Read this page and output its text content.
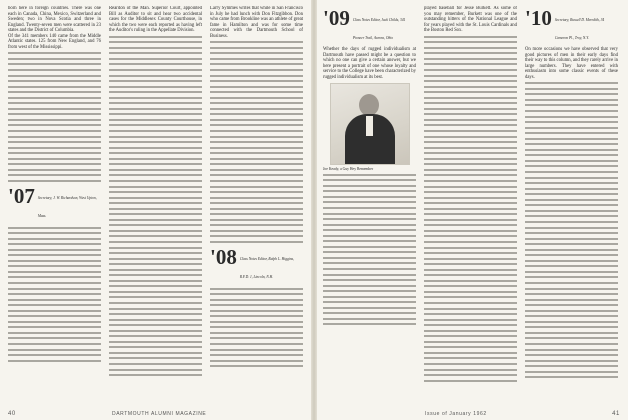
born here in foreign countries. There was one each in Canada, China, Mexico, Switzerland and Sweden; two in Nova Scotia and three in England. Twenty-seven men were scattered in 23 states and the District of Columbia.

Of the 341 members 140 came from the Middle Atlantic states. 125 from New England, and 76 from west of the Mississippi.

'07 Secretary, J. W. Richardson, West Upton, Mass.

Reardon of the Man. Superior Court, appointed Bill as Auditor to sit and hear two accidental cases for the Middlesex County Courthouse, in which the two were each reported as having left the Auditor's ruling in the Appellate Division.

Larry Symmes writes that while in San Francisco in July he had lunch with Don Fitzgibbon. Don who came from Brookline was an athlete of great fame in Hamilton and was for some time connected with the Dartmouth School of Business.

'08 Class Notes Editor, Ralph L. Higgins, R.F.D. 1, Lincoln, N.H.
40	DARTMOUTH ALUMNI MAGAZINE
'09 Class Notes Editor, Jack Childs, 341 Pioneer Trail, Aurora, Ohio

Whether the days of rugged individualism at Dartmouth have passed might be a question to which no one can give a certain answer, but we here present a portrait of one whose loyalty and service to the College have been characterized by rugged individualism at its best.

Joe Keady, a Guy Hey Remember

played baseball for Jesse Burkett. As some of you may remember, Burkett was one of the outstanding hitters of the National League and for years played with the St. Louis Cardinals and the Boston Red Sox.

'10 Secretary, Russell D. Meredith, 34 Cameron Pl., Troy, N.Y.

On more occasions we have observed that very good pictures of men in their early days find their way to this column, and they rarely arrive in large numbers. They have entered with enthusiasm into some classic events of these days.

Issue of January 1962	41
